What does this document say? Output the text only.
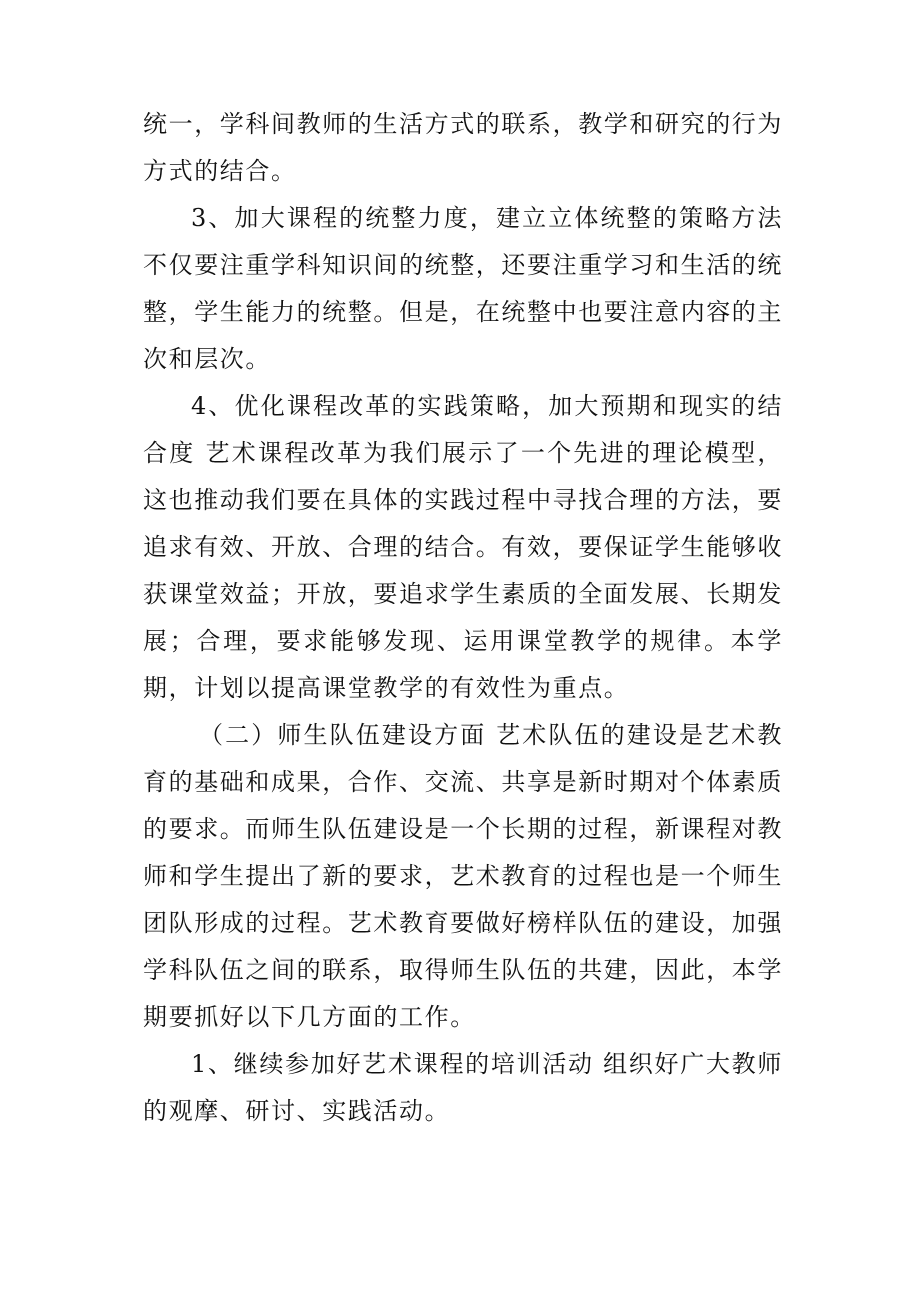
统一，学科间教师的生活方式的联系，教学和研究的行为方式的结合。

3、加大课程的统整力度，建立立体统整的策略方法 不仅要注重学科知识间的统整，还要注重学习和生活的统整，学生能力的统整。但是，在统整中也要注意内容的主次和层次。

4、优化课程改革的实践策略，加大预期和现实的结合度 艺术课程改革为我们展示了一个先进的理论模型，这也推动我们要在具体的实践过程中寻找合理的方法，要追求有效、开放、合理的结合。有效，要保证学生能够收获课堂效益；开放，要追求学生素质的全面发展、长期发展；合理，要求能够发现、运用课堂教学的规律。本学期，计划以提高课堂教学的有效性为重点。

（二）师生队伍建设方面 艺术队伍的建设是艺术教育的基础和成果，合作、交流、共享是新时期对个体素质的要求。而师生队伍建设是一个长期的过程，新课程对教师和学生提出了新的要求，艺术教育的过程也是一个师生团队形成的过程。艺术教育要做好榜样队伍的建设，加强学科队伍之间的联系，取得师生队伍的共建，因此，本学期要抓好以下几方面的工作。

1、继续参加好艺术课程的培训活动 组织好广大教师的观摩、研讨、实践活动。
